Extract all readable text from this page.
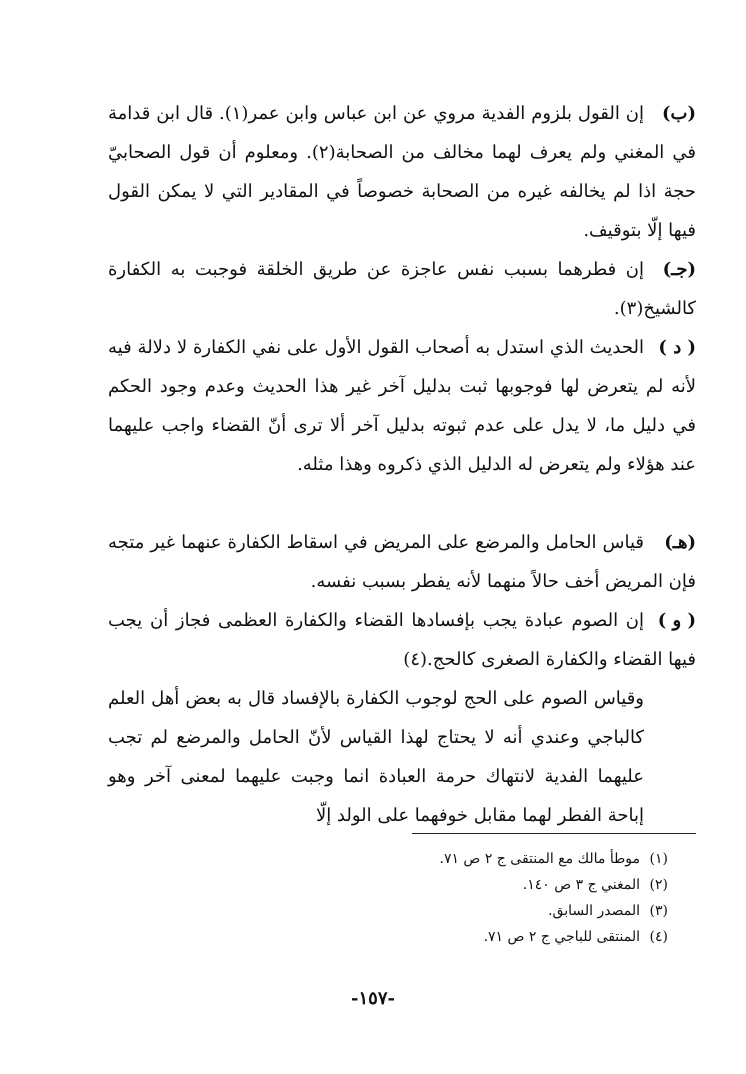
(ب)إن القول بلزوم الفدية مروي عن ابن عباس وابن عمر(١). قال ابن قدامة في المغني ولم يعرف لهما مخالف من الصحابة(٢). ومعلوم أن قول الصحابيّ حجة اذا لم يخالفه غيره من الصحابة خصوصاً في المقادير التي لا يمكن القول فيها إلّا بتوقيف.

(جـ)إن فطرهما بسبب نفس عاجزة عن طريق الخلقة فوجبت به الكفارة كالشيخ(٣).

( د )الحديث الذي استدل به أصحاب القول الأول على نفي الكفارة لا دلالة فيه لأنه لم يتعرض لها فوجوبها ثبت بدليل آخر غير هذا الحديث وعدم وجود الحكم في دليل ما، لا يدل على عدم ثبوته بدليل آخر ألا ترى أنّ القضاء واجب عليهما عند هؤلاء ولم يتعرض له الدليل الذي ذكروه وهذا مثله.

(هـ)قياس الحامل والمرضع على المريض في اسقاط الكفارة عنهما غير متجه فإن المريض أخف حالاً منهما لأنه يفطر بسبب نفسه.

( و )إن الصوم عبادة يجب بإفسادها القضاء والكفارة العظمى فجاز أن يجب فيها القضاء والكفارة الصغرى كالحج.(٤)

وقياس الصوم على الحج لوجوب الكفارة بالإفساد قال به بعض أهل العلم كالباجي وعندي أنه لا يحتاج لهذا القياس لأنّ الحامل والمرضع لم تجب عليهما الفدية لانتهاك حرمة العبادة انما وجبت عليهما لمعنى آخر وهو إباحة الفطر لهما مقابل خوفهما على الولد إلّا

(١)موطأ مالك مع المنتقى ج ٢ ص ٧١.

(٢)المغني ج ٣ ص ١٤٠.

(٣)المصدر السابق.

(٤)المنتقى للباجي ج ٢ ص ٧١.

-١٥٧-
